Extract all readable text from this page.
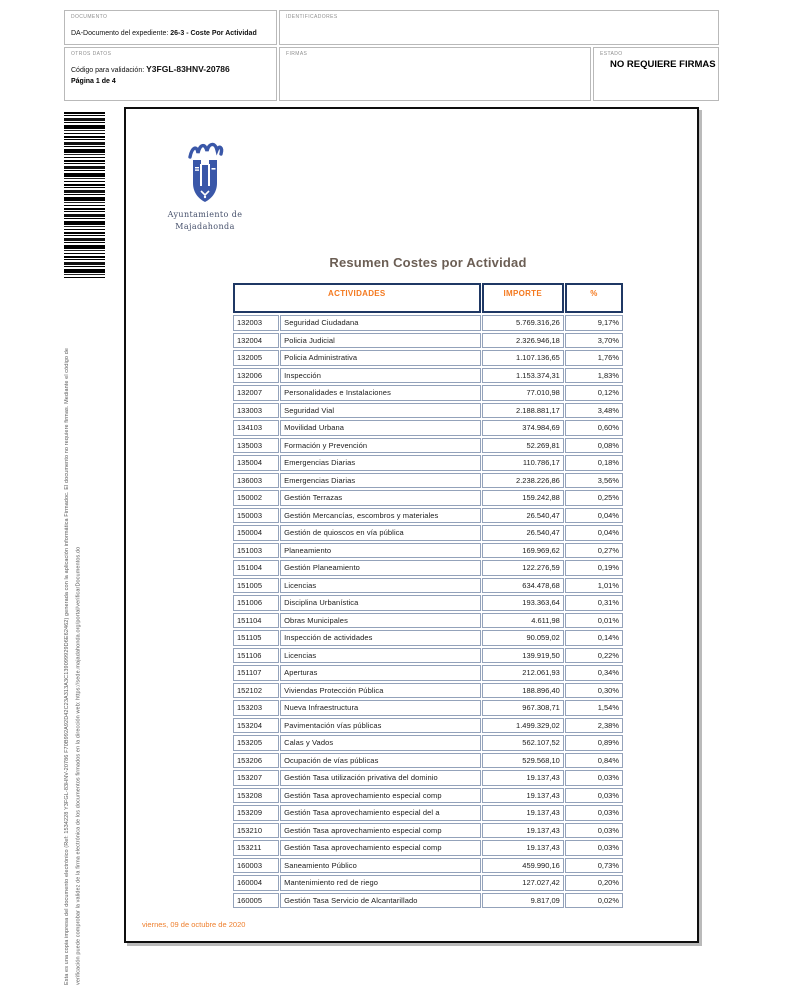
DOCUMENTO
DA-Documento del expediente: 26-3 - Coste Por Actividad
IDENTIFICADORES
OTROS DATOS
Código para validación: Y3FGL-83HNV-20786
Página 1 de 4
FIRMAS	ESTADO
NO REQUIERE FIRMAS
Esta es una copia impresa del documento electrónico (Ref: 1534228 Y3FGL-83HNV-20786 F70B992A92D42C23A313A3C139099929D6E62462) generada con la aplicación informática Firmadoc. El documento no requiere firmas. Mediante el código de	verificación puede comprobar la validez de la firma electrónica de los documentos firmados en la dirección web: https://sede.majadahonda.org/portal/verificarDocumentos.do
Ayuntamiento de
Majadahonda
Resumen Costes por Actividad
ACTIVIDADES		IMPORTE	%
132003	Seguridad Ciudadana	5.769.316,26	9,17%
132004	Policia Judicial	2.326.946,18	3,70%
132005	Policia Administrativa	1.107.136,65	1,76%
132006	Inspección	1.153.374,31	1,83%
132007	Personalidades e Instalaciones	77.010,98	0,12%
133003	Seguridad Vial	2.188.881,17	3,48%
134103	Movilidad Urbana	374.984,69	0,60%
135003	Formación y Prevención	52.269,81	0,08%
135004	Emergencias Diarias	110.786,17	0,18%
136003	Emergencias Diarias	2.238.226,86	3,56%
150002	Gestión Terrazas	159.242,88	0,25%
150003	Gestión Mercancías, escombros y materiales	26.540,47	0,04%
150004	Gestión de quioscos en vía pública	26.540,47	0,04%
151003	Planeamiento	169.969,62	0,27%
151004	Gestión Planeamiento	122.276,59	0,19%
151005	Licencias	634.478,68	1,01%
151006	Disciplina Urbanística	193.363,64	0,31%
151104	Obras Municipales	4.611,98	0,01%
151105	Inspección de actividades	90.059,02	0,14%
151106	Licencias	139.919,50	0,22%
151107	Aperturas	212.061,93	0,34%
152102	Viviendas Protección Pública	188.896,40	0,30%
153203	Nueva Infraestructura	967.308,71	1,54%
153204	Pavimentación vías públicas	1.499.329,02	2,38%
153205	Calas y Vados	562.107,52	0,89%
153206	Ocupación de vías públicas	529.568,10	0,84%
153207	Gestión Tasa utilización privativa del dominio	19.137,43	0,03%
153208	Gestión Tasa aprovechamiento especial comp	19.137,43	0,03%
153209	Gestión Tasa aprovechamiento especial del a	19.137,43	0,03%
153210	Gestión Tasa aprovechamiento especial comp	19.137,43	0,03%
153211	Gestión Tasa aprovechamiento especial comp	19.137,43	0,03%
160003	Saneamiento Público	459.990,16	0,73%
160004	Mantenimiento red de riego	127.027,42	0,20%
160005	Gestión Tasa Servicio de Alcantarillado	9.817,09	0,02%
viernes, 09 de octubre de 2020
